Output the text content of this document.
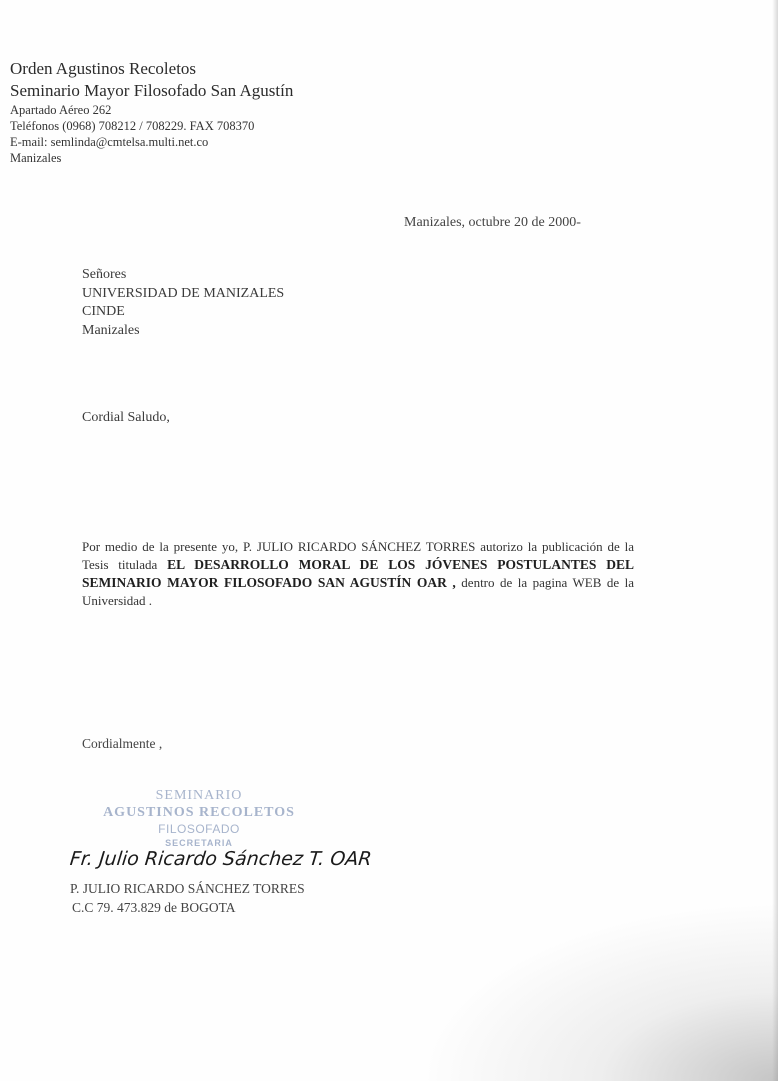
Orden Agustinos Recoletos
Seminario Mayor Filosofado San Agustín
Apartado Aéreo 262
Teléfonos (0968) 708212 / 708229. FAX 708370
E-mail: semlinda@cmtelsa.multi.net.co
Manizales
Manizales, octubre 20 de 2000-
Señores
UNIVERSIDAD DE MANIZALES
CINDE
Manizales
Cordial Saludo,
Por medio de la presente yo, P. JULIO RICARDO SÁNCHEZ TORRES autorizo la publicación de la Tesis titulada EL DESARROLLO MORAL DE LOS JÓVENES POSTULANTES DEL SEMINARIO MAYOR FILOSOFADO SAN AGUSTÍN OAR , dentro de la pagina WEB de la Universidad .
Cordialmente ,
SEMINARIO
AGUSTINOS RECOLETOS
FILOSOFADO
SECRETARIA
Fr. Julio Ricardo Sánchez T. OAR
P. JULIO RICARDO SÁNCHEZ TORRES
C.C 79. 473.829 de BOGOTA
